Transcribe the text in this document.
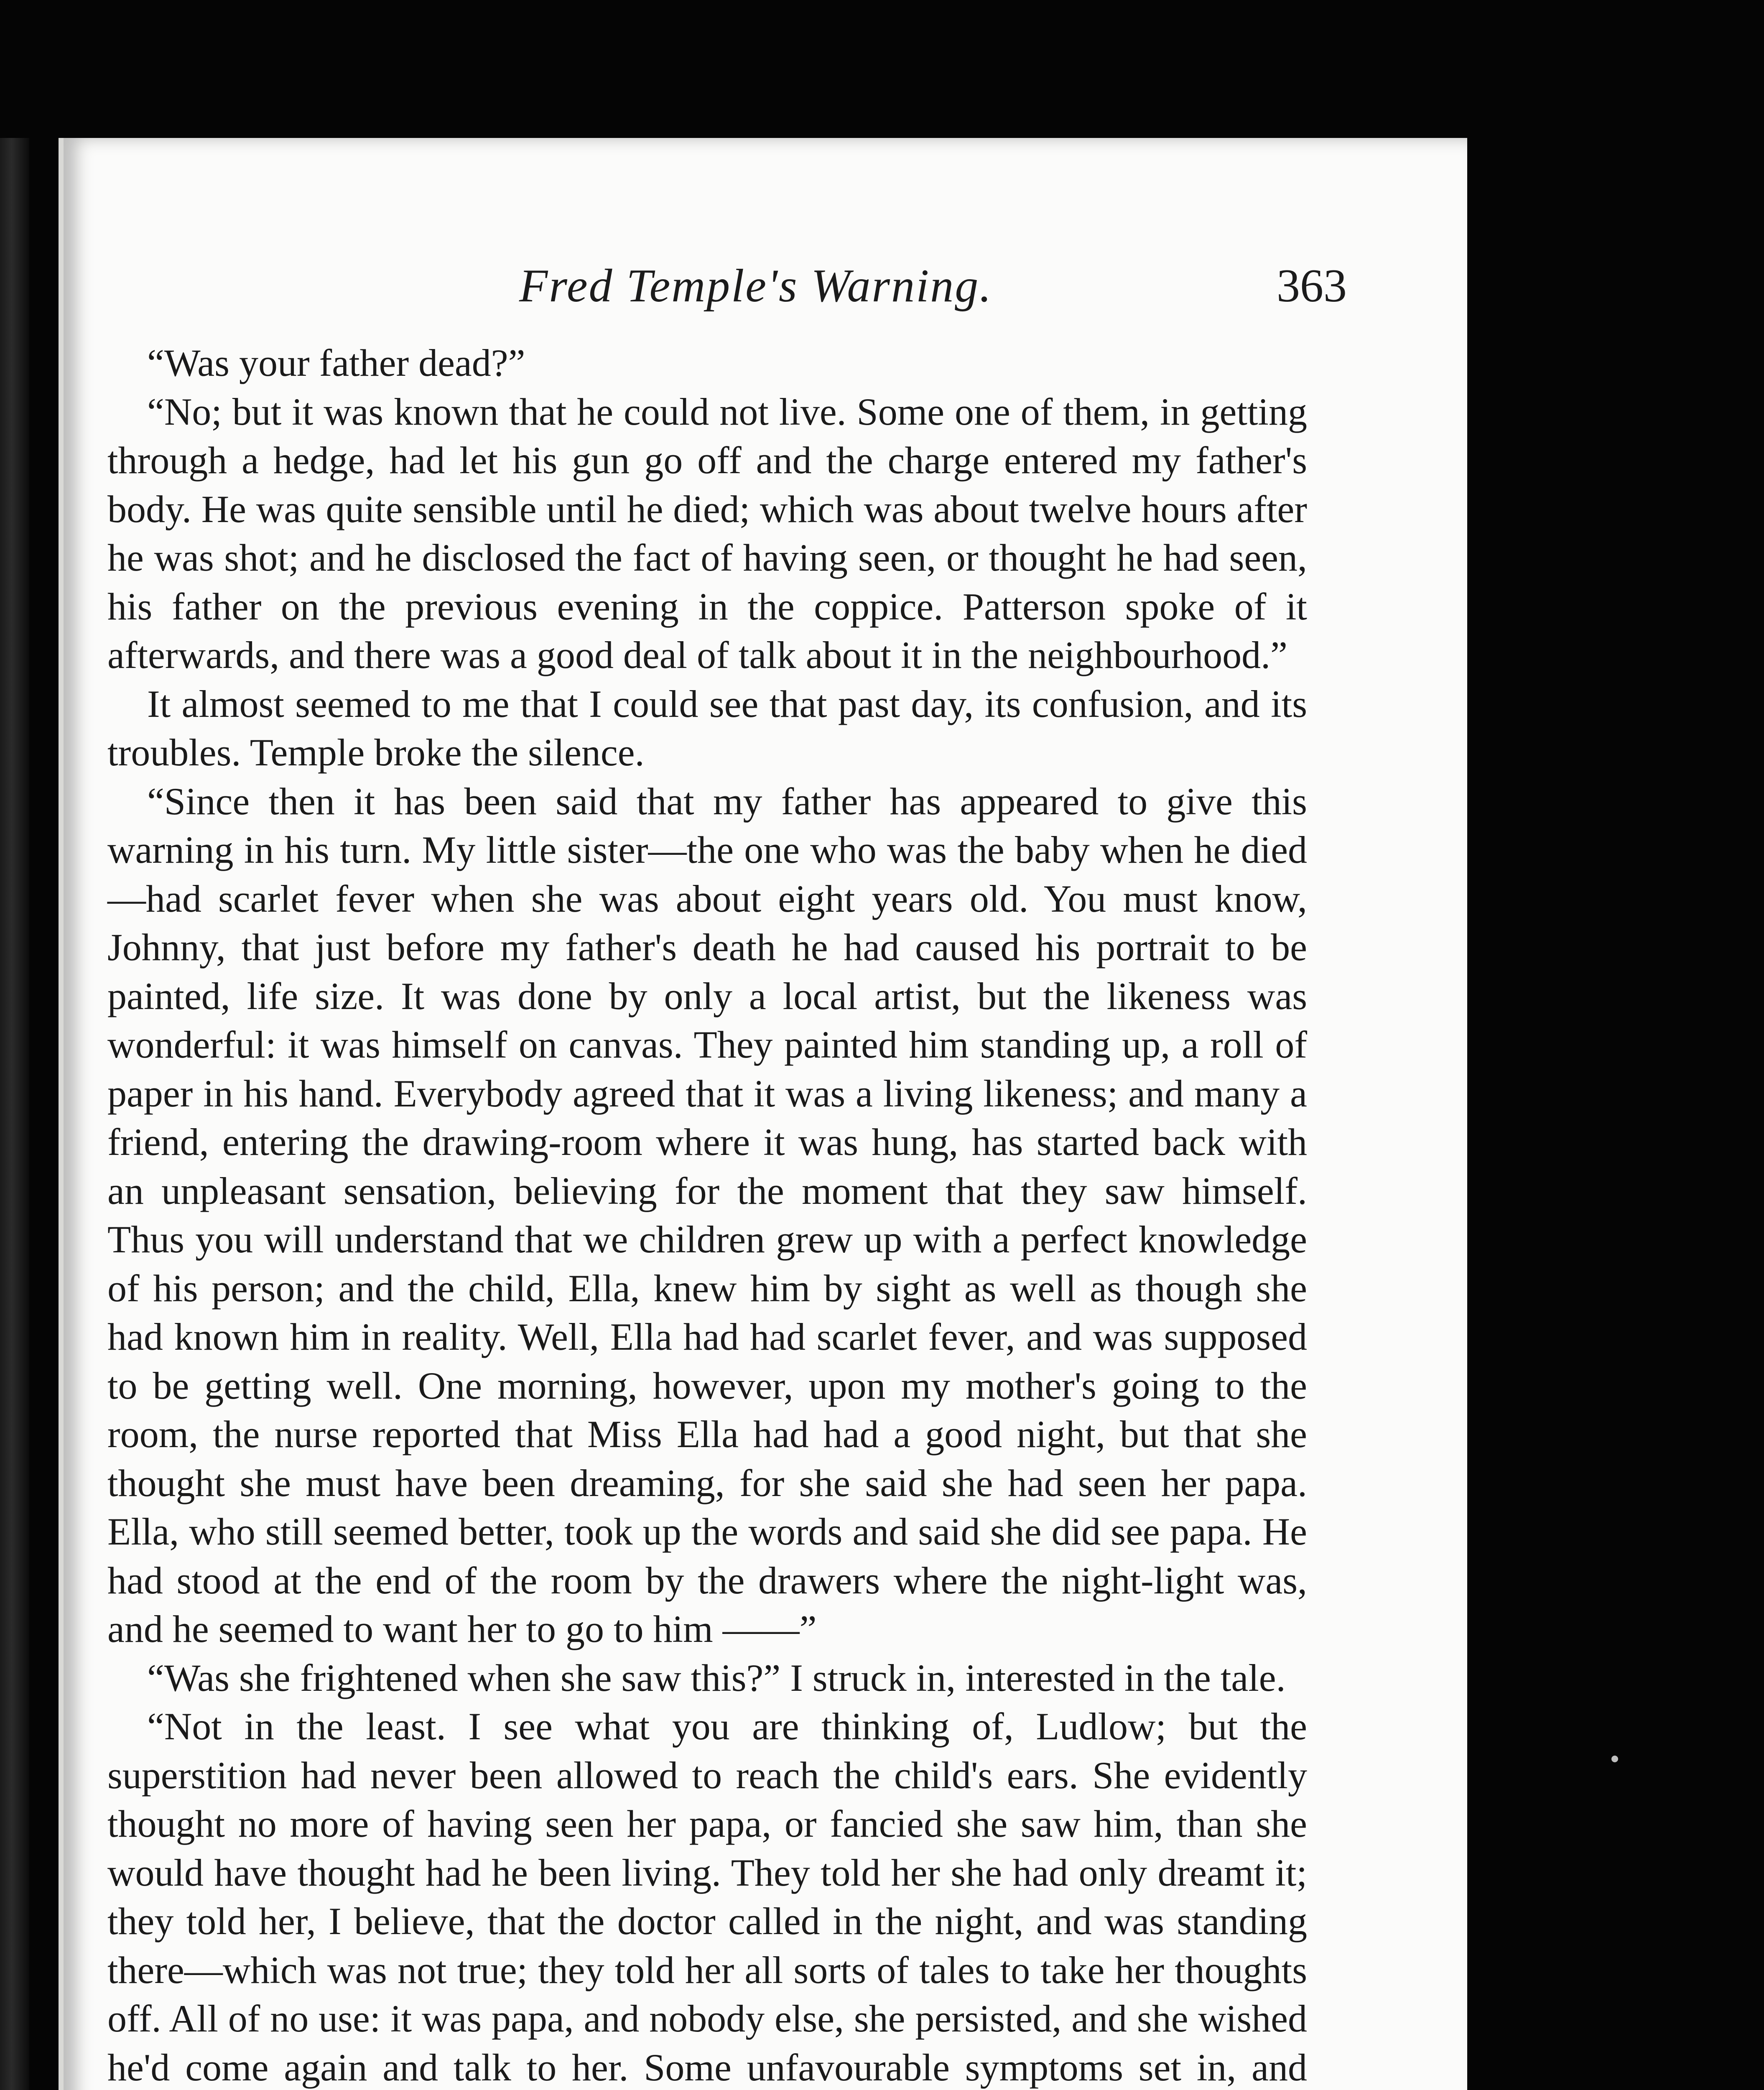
Fred Temple's Warning.	363

“Was your father dead?”

“No; but it was known that he could not live. Some one of them, in getting through a hedge, had let his gun go off and the charge entered my father's body. He was quite sensible until he died; which was about twelve hours after he was shot; and he disclosed the fact of having seen, or thought he had seen, his father on the previous evening in the coppice. Patterson spoke of it afterwards, and there was a good deal of talk about it in the neighbourhood.”

It almost seemed to me that I could see that past day, its confusion, and its troubles. Temple broke the silence.

“Since then it has been said that my father has appeared to give this warning in his turn. My little sister—the one who was the baby when he died—had scarlet fever when she was about eight years old. You must know, Johnny, that just before my father's death he had caused his portrait to be painted, life size. It was done by only a local artist, but the likeness was wonderful: it was himself on canvas. They painted him standing up, a roll of paper in his hand. Everybody agreed that it was a living likeness; and many a friend, entering the drawing-room where it was hung, has started back with an unpleasant sensation, believing for the moment that they saw himself. Thus you will understand that we children grew up with a perfect knowledge of his person; and the child, Ella, knew him by sight as well as though she had known him in reality. Well, Ella had had scarlet fever, and was supposed to be getting well. One morning, however, upon my mother's going to the room, the nurse reported that Miss Ella had had a good night, but that she thought she must have been dreaming, for she said she had seen her papa. Ella, who still seemed better, took up the words and said she did see papa. He had stood at the end of the room by the drawers where the night-light was, and he seemed to want her to go to him ——”

“Was she frightened when she saw this?” I struck in, interested in the tale.

“Not in the least. I see what you are thinking of, Ludlow; but the superstition had never been allowed to reach the child's ears. She evidently thought no more of having seen her papa, or fancied she saw him, than she would have thought had he been living. They told her she had only dreamt it; they told her, I believe, that the doctor called in the night, and was standing there—which was not true; they told her all sorts of tales to take her thoughts off. All of no use: it was papa, and nobody else, she persisted, and she wished he'd come again and talk to her. Some unfavourable symptoms set in, and
